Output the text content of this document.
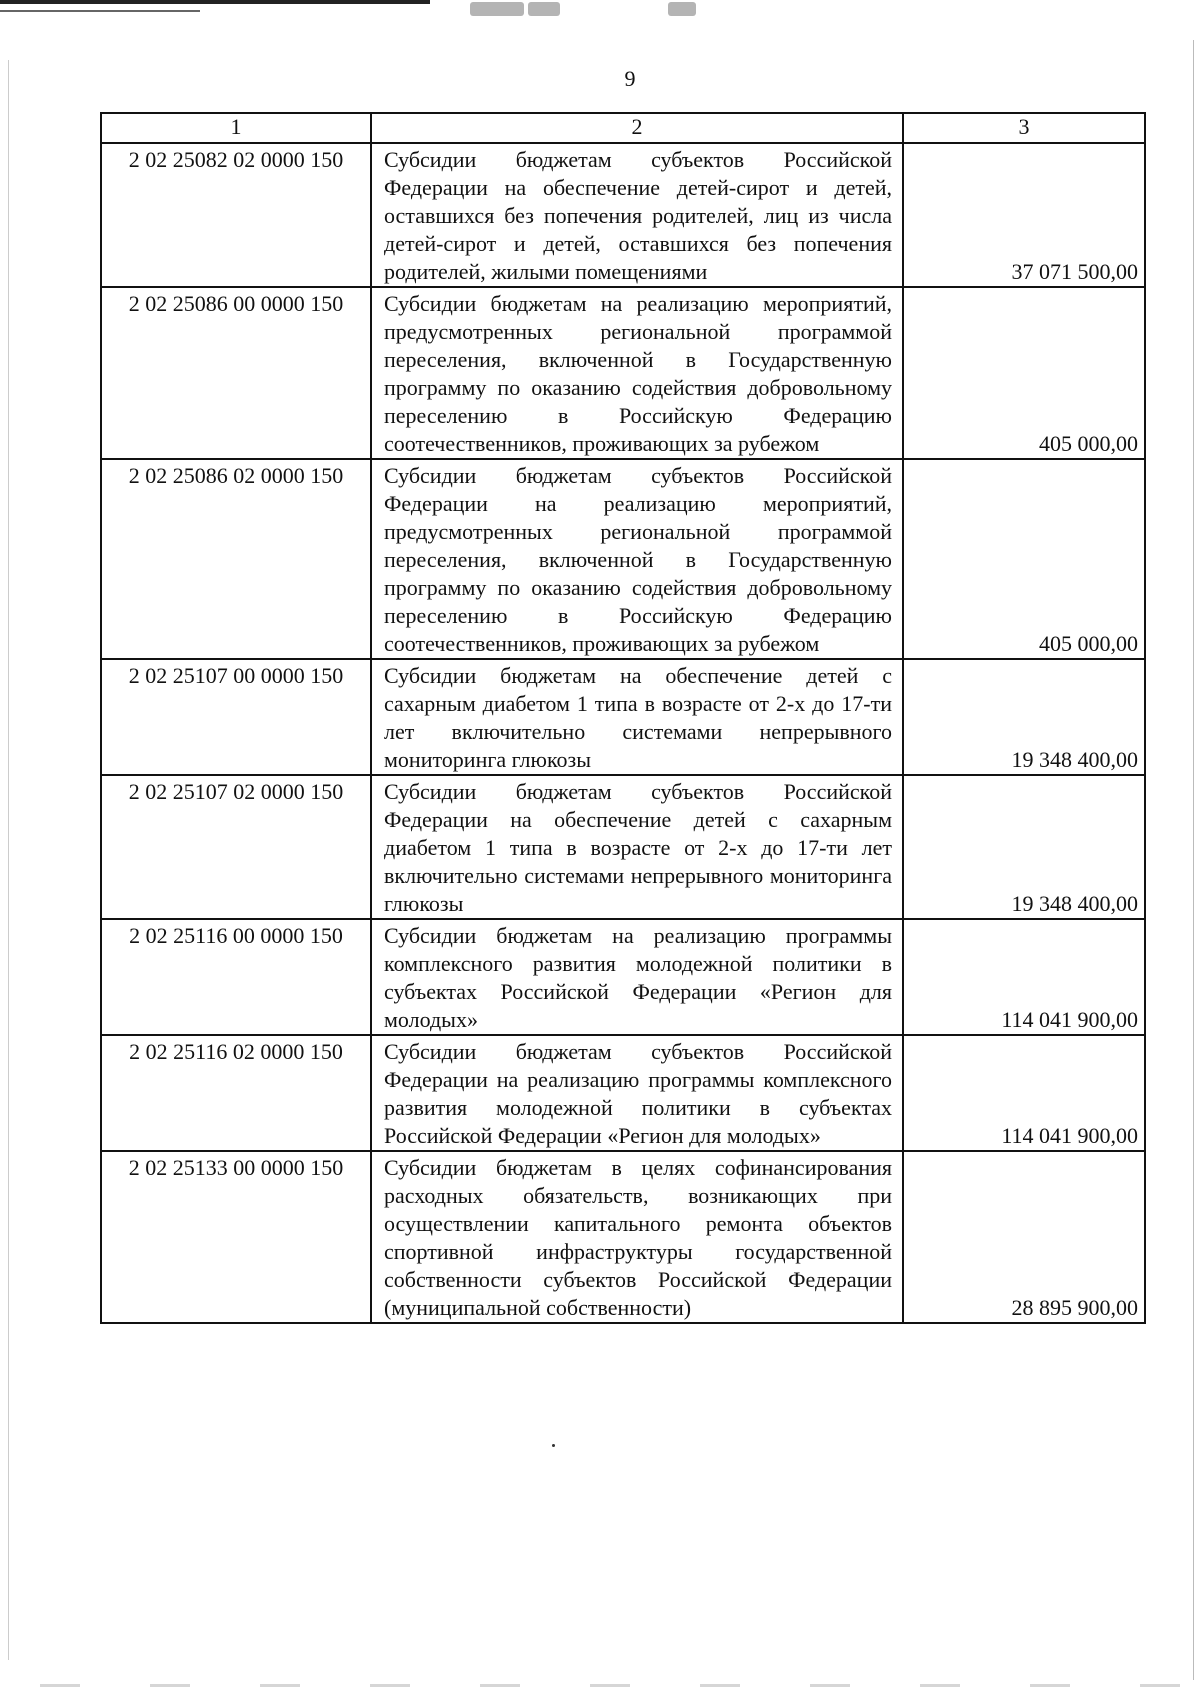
9
1	2	3
2 02 25082 02 0000 150	Субсидии бюджетам субъектов Российской Федерации на обеспечение детей-сирот и детей, оставшихся без попечения родителей, лиц из числа детей-сирот и детей, оставшихся без попечения родителей, жилыми помещениями	37 071 500,00
2 02 25086 00 0000 150	Субсидии бюджетам на реализацию мероприятий, предусмотренных региональной программой переселения, включенной в Государственную программу по оказанию содействия добровольному переселению в Российскую Федерацию соотечественников, проживающих за рубежом	405 000,00
2 02 25086 02 0000 150	Субсидии бюджетам субъектов Российской Федерации на реализацию мероприятий, предусмотренных региональной программой переселения, включенной в Государственную программу по оказанию содействия добровольному переселению в Российскую Федерацию соотечественников, проживающих за рубежом	405 000,00
2 02 25107 00 0000 150	Субсидии бюджетам на обеспечение детей с сахарным диабетом 1 типа в возрасте от 2-х до 17-ти лет включительно системами непрерывного мониторинга глюкозы	19 348 400,00
2 02 25107 02 0000 150	Субсидии бюджетам субъектов Российской Федерации на обеспечение детей с сахарным диабетом 1 типа в возрасте от 2-х до 17-ти лет включительно системами непрерывного мониторинга глюкозы	19 348 400,00
2 02 25116 00 0000 150	Субсидии бюджетам на реализацию программы комплексного развития молодежной политики в субъектах Российской Федерации «Регион для молодых»	114 041 900,00
2 02 25116 02 0000 150	Субсидии бюджетам субъектов Российской Федерации на реализацию программы комплексного развития молодежной политики в субъектах Российской Федерации «Регион для молодых»	114 041 900,00
2 02 25133 00 0000 150	Субсидии бюджетам в целях софинансирования расходных обязательств, возникающих при осуществлении капитального ремонта объектов спортивной инфраструктуры государственной собственности субъектов Российской Федерации (муниципальной собственности)	28 895 900,00
